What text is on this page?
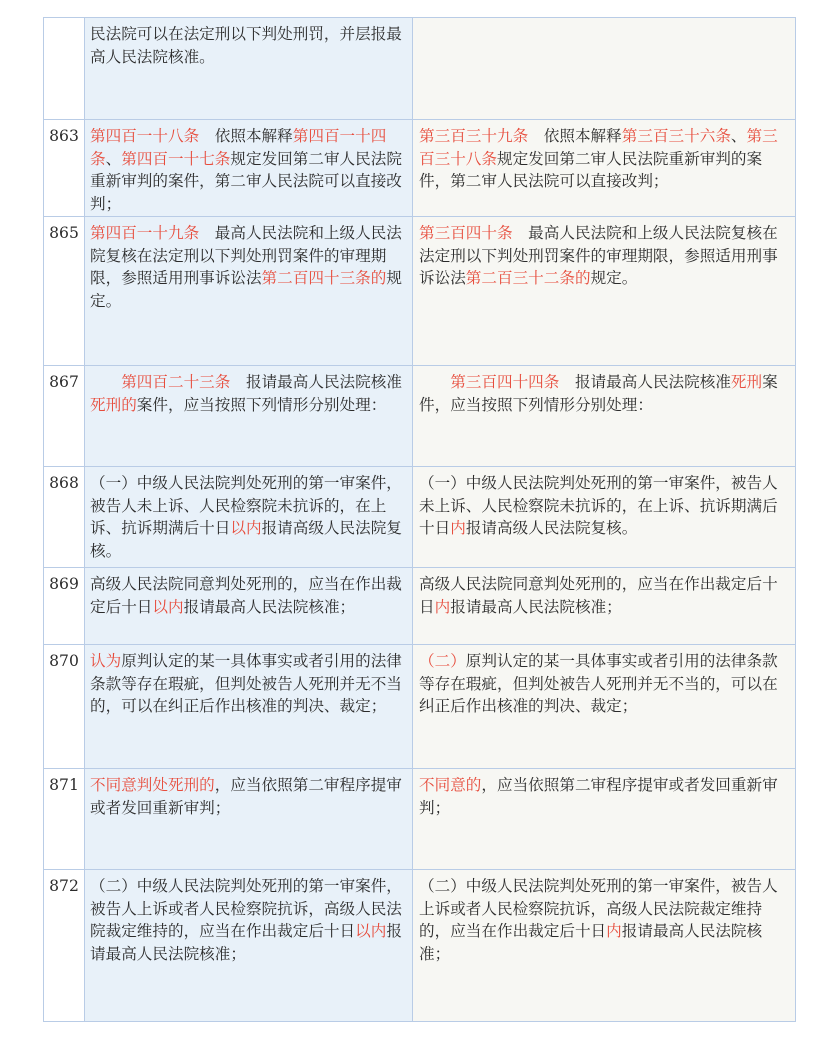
民法院可以在法定刑以下判处刑罚，并层报最高人民法院核准。
863 第四百一十八条　依照本解释第四百一十四条、第四百一十七条规定发回第二审人民法院重新审判的案件，第二审人民法院可以直接改判；
第三百三十九条　依照本解释第三百三十六条、第三百三十八条规定发回第二审人民法院重新审判的案件，第二审人民法院可以直接改判；
865 第四百一十九条　最高人民法院和上级人民法院复核在法定刑以下判处刑罚案件的审理期限，参照适用刑事诉讼法第二百四十三条的规定。
第三百四十条　最高人民法院和上级人民法院复核在法定刑以下判处刑罚案件的审理期限，参照适用刑事诉讼法第二百三十二条的规定。
867
　　	第四百二十三条　报请最高人民法院核准死刑的案件，应当按照下列情形分别处理：
　　第三百四十四条　报请最高人民法院核准死刑案件，应当按照下列情形分别处理：
868 （一）中级人民法院判处死刑的第一审案件，被告人未上诉、人民检察院未抗诉的，在上诉、抗诉期满后十日以内报请高级人民法院复核。
（一）中级人民法院判处死刑的第一审案件，被告人未上诉、人民检察院未抗诉的，在上诉、抗诉期满后十日内报请高级人民法院复核。
869 高级人民法院同意判处死刑的，应当在作出裁定后十日以内报请最高人民法院核准；
高级人民法院同意判处死刑的，应当在作出裁定后十日内报请最高人民法院核准；
870 认为原判认定的某一具体事实或者引用的法律条款等存在瑕疵，但判处被告人死刑并无不当的，可以在纠正后作出核准的判决、裁定；
（二）原判认定的某一具体事实或者引用的法律条款等存在瑕疵，但判处被告人死刑并无不当的，可以在纠正后作出核准的判决、裁定；
871 不同意判处死刑的，应当依照第二审程序提审或者发回重新审判；
不同意的，应当依照第二审程序提审或者发回重新审判；
872 （二）中级人民法院判处死刑的第一审案件，被告人上诉或者人民检察院抗诉，高级人民法院裁定维持的，应当在作出裁定后十日以内报请最高人民法院核准；
（二）中级人民法院判处死刑的第一审案件，被告人上诉或者人民检察院抗诉，高级人民法院裁定维持的，应当在作出裁定后十日内报请最高人民法院核准；
